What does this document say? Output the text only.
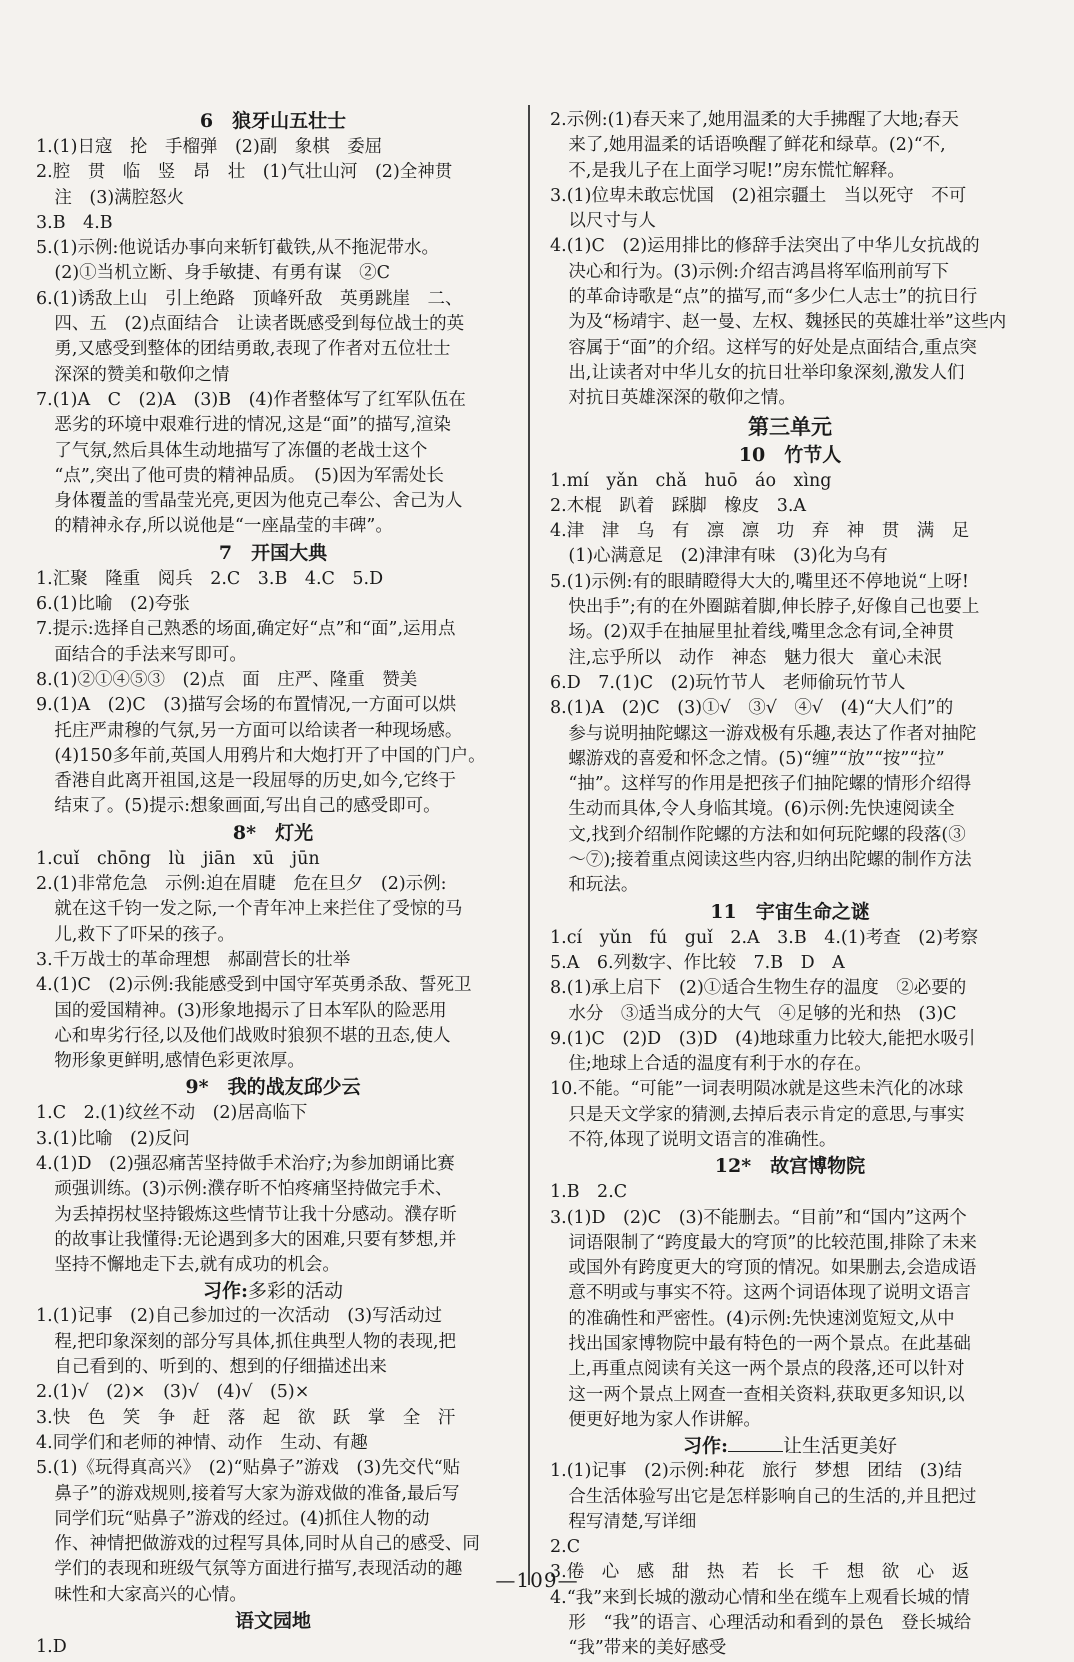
6　狼牙山五壮士
1.(1)日寇　抡　手榴弹　(2)副　象棋　委屈
2.腔　贯　临　竖　昂　壮　(1)气壮山河　(2)全神贯
注　(3)满腔怒火
3.B　4.B
5.(1)示例:他说话办事向来斩钉截铁,从不拖泥带水。
(2)①当机立断、身手敏捷、有勇有谋　②C
6.(1)诱敌上山　引上绝路　顶峰歼敌　英勇跳崖　二、
四、五　(2)点面结合　让读者既感受到每位战士的英
勇,又感受到整体的团结勇敢,表现了作者对五位壮士
深深的赞美和敬仰之情
7.(1)A　C　(2)A　(3)B　(4)作者整体写了红军队伍在
恶劣的环境中艰难行进的情况,这是“面”的描写,渲染
了气氛,然后具体生动地描写了冻僵的老战士这个
“点”,突出了他可贵的精神品质。　(5)因为军需处长
身体覆盖的雪晶莹光亮,更因为他克己奉公、舍己为人
的精神永存,所以说他是“一座晶莹的丰碑”。
7　开国大典
1.汇聚　隆重　阅兵　2.C　3.B　4.C　5.D
6.(1)比喻　(2)夸张
7.提示:选择自己熟悉的场面,确定好“点”和“面”,运用点
面结合的手法来写即可。
8.(1)②①④⑤③　(2)点　面　庄严、隆重　赞美
9.(1)A　(2)C　(3)描写会场的布置情况,一方面可以烘
托庄严肃穆的气氛,另一方面可以给读者一种现场感。
(4)150多年前,英国人用鸦片和大炮打开了中国的门户。
香港自此离开祖国,这是一段屈辱的历史,如今,它终于
结束了。(5)提示:想象画面,写出自己的感受即可。
8*　灯光
1.cuǐ　chōng　lù　jiān　xū　jūn
2.(1)非常危急　示例:迫在眉睫　危在旦夕　(2)示例:
就在这千钧一发之际,一个青年冲上来拦住了受惊的马
儿,救下了吓呆的孩子。
3.千万战士的革命理想　郝副营长的壮举
4.(1)C　(2)示例:我能感受到中国守军英勇杀敌、誓死卫
国的爱国精神。(3)形象地揭示了日本军队的险恶用
心和卑劣行径,以及他们战败时狼狈不堪的丑态,使人
物形象更鲜明,感情色彩更浓厚。
9*　我的战友邱少云
1.C　2.(1)纹丝不动　(2)居高临下
3.(1)比喻　(2)反问
4.(1)D　(2)强忍痛苦坚持做手术治疗;为参加朗诵比赛
顽强训练。(3)示例:濮存昕不怕疼痛坚持做完手术、
为丢掉拐杖坚持锻炼这些情节让我十分感动。濮存昕
的故事让我懂得:无论遇到多大的困难,只要有梦想,并
坚持不懈地走下去,就有成功的机会。
习作:多彩的活动
1.(1)记事　(2)自己参加过的一次活动　(3)写活动过
程,把印象深刻的部分写具体,抓住典型人物的表现,把
自己看到的、听到的、想到的仔细描述出来
2.(1)√　(2)×　(3)√　(4)√　(5)×
3.快　色　笑　争　赶　落　起　欲　跃　掌　全　汗
4.同学们和老师的神情、动作　生动、有趣
5.(1)《玩得真高兴》　(2)“贴鼻子”游戏　(3)先交代“贴
鼻子”的游戏规则,接着写大家为游戏做的准备,最后写
同学们玩“贴鼻子”游戏的经过。(4)抓住人物的动
作、神情把做游戏的过程写具体,同时从自己的感受、同
学们的表现和班级气氛等方面进行描写,表现活动的趣
味性和大家高兴的心情。
语文园地
1.D
2.示例:(1)春天来了,她用温柔的大手拂醒了大地;春天
来了,她用温柔的话语唤醒了鲜花和绿草。(2)“不,
不,是我儿子在上面学习呢!”房东慌忙解释。
3.(1)位卑未敢忘忧国　(2)祖宗疆土　当以死守　不可
以尺寸与人
4.(1)C　(2)运用排比的修辞手法突出了中华儿女抗战的
决心和行为。(3)示例:介绍吉鸿昌将军临刑前写下
的革命诗歌是“点”的描写,而“多少仁人志士”的抗日行
为及“杨靖宇、赵一曼、左权、魏拯民的英雄壮举”这些内
容属于“面”的介绍。这样写的好处是点面结合,重点突
出,让读者对中华儿女的抗日壮举印象深刻,激发人们
对抗日英雄深深的敬仰之情。
第三单元
10　竹节人
1.mí　yǎn　chǎ　huō　áo　xìng
2.木棍　趴着　踩脚　橡皮　3.A
4.津　津　乌　有　凛　凛　功　弃　神　贯　满　足
(1)心满意足　(2)津津有味　(3)化为乌有
5.(1)示例:有的眼睛瞪得大大的,嘴里还不停地说“上呀!
快出手”;有的在外圈踮着脚,伸长脖子,好像自己也要上
场。(2)双手在抽屉里扯着线,嘴里念念有词,全神贯
注,忘乎所以　动作　神态　魅力很大　童心未泯
6.D　7.(1)C　(2)玩竹节人　老师偷玩竹节人
8.(1)A　(2)C　(3)①√　③√　④√　(4)“大人们”的
参与说明抽陀螺这一游戏极有乐趣,表达了作者对抽陀
螺游戏的喜爱和怀念之情。(5)“缠”“放”“按”“拉”
“抽”。这样写的作用是把孩子们抽陀螺的情形介绍得
生动而具体,令人身临其境。(6)示例:先快速阅读全
文,找到介绍制作陀螺的方法和如何玩陀螺的段落(③
～⑦);接着重点阅读这些内容,归纳出陀螺的制作方法
和玩法。
11　宇宙生命之谜
1.cí　yǔn　fú　guǐ　2.A　3.B　4.(1)考查　(2)考察
5.A　6.列数字、作比较　7.B　D　A
8.(1)承上启下　(2)①适合生物生存的温度　②必要的
水分　③适当成分的大气　④足够的光和热　(3)C
9.(1)C　(2)D　(3)D　(4)地球重力比较大,能把水吸引
住;地球上合适的温度有利于水的存在。
10.不能。“可能”一词表明陨冰就是这些未汽化的冰球
只是天文学家的猜测,去掉后表示肯定的意思,与事实
不符,体现了说明文语言的准确性。
12*　故宫博物院
1.B　2.C
3.(1)D　(2)C　(3)不能删去。“目前”和“国内”这两个
词语限制了“跨度最大的穹顶”的比较范围,排除了未来
或国外有跨度更大的穹顶的情况。如果删去,会造成语
意不明或与事实不符。这两个词语体现了说明文语言
的准确性和严密性。(4)示例:先快速浏览短文,从中
找出国家博物院中最有特色的一两个景点。在此基础
上,再重点阅读有关这一两个景点的段落,还可以针对
这一两个景点上网查一查相关资料,获取更多知识,以
便更好地为家人作讲解。
习作:	让生活更美好
1.(1)记事　(2)示例:种花　旅行　梦想　团结　(3)结
合生活体验写出它是怎样影响自己的生活的,并且把过
程写清楚,写详细
2.C
3.倦　心　感　甜　热　若　长　千　想　欲　心　返
4.“我”来到长城的激动心情和坐在缆车上观看长城的情
形　“我”的语言、心理活动和看到的景色　登长城给
“我”带来的美好感受
—109—
